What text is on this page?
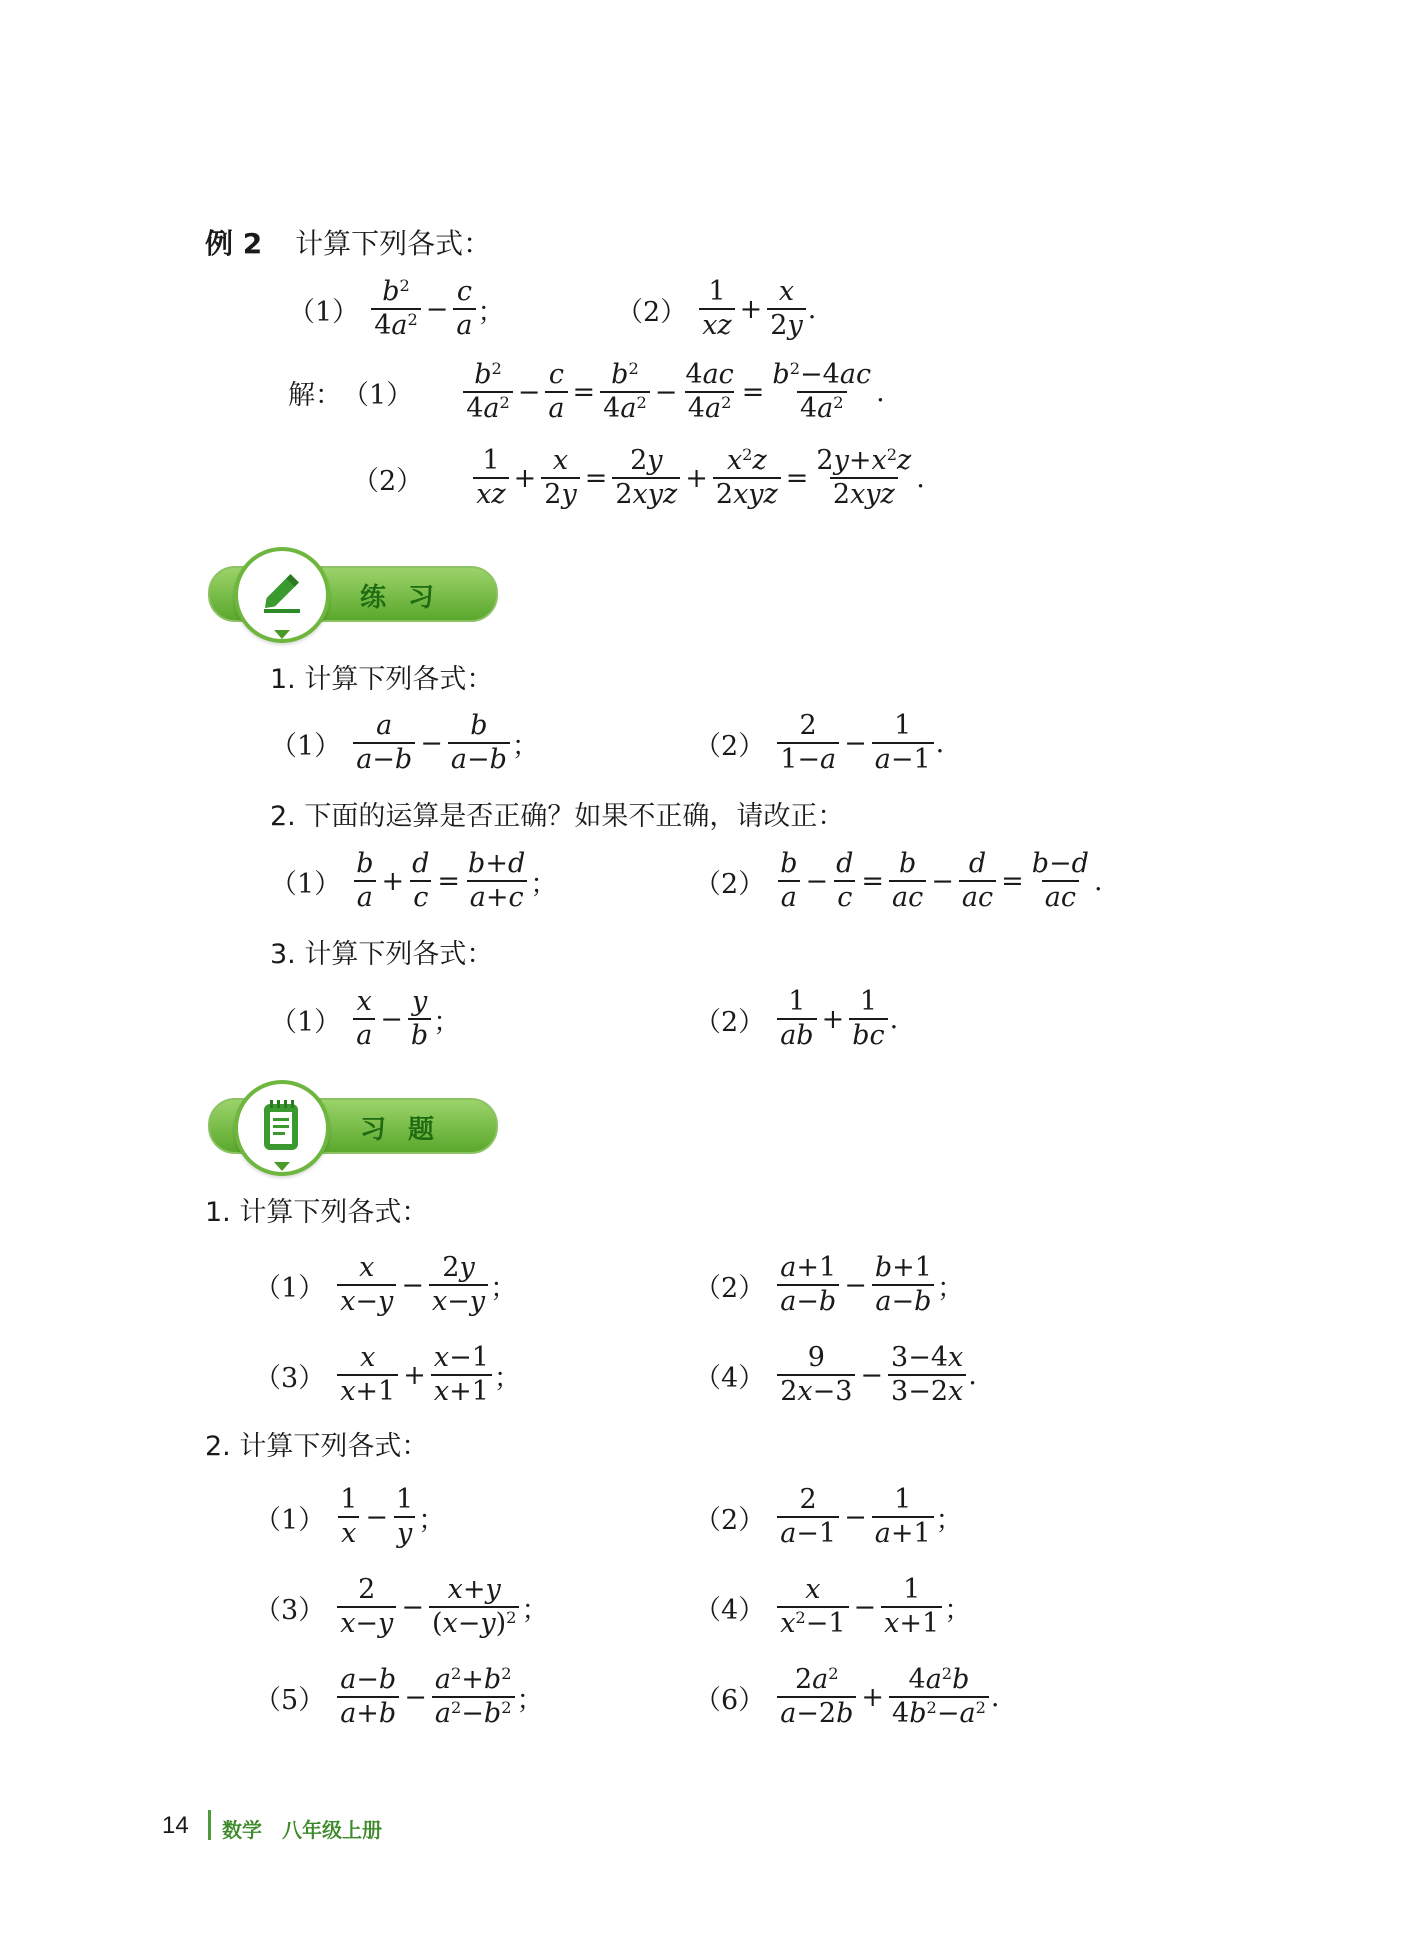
例 2 计算下列各式：
$(1) \frac{b^2}{4a^2} - \frac{c}{a}$ ；	$(2) \frac{1}{xz} + \frac{x}{2y}$ .
解： $(1) \frac{b^2}{4a^2} - \frac{c}{a} = \frac{b^2}{4a^2} - \frac{4ac}{4a^2} = \frac{b^2-4ac}{4a^2}$ .
$(2) \frac{1}{xz} + \frac{x}{2y} = \frac{2y}{\text{2xyz}} + \frac{x^2z}{\text{2xyz}} = \frac{2y+x^2z}{\text{2xyz}}$ .
练习
1. 计算下列各式：
$(1) \frac{a}{a-b} - \frac{b}{a-b}$ ；	$(2) \frac{2}{1-a} - \frac{1}{a-1}$ .
2. 下面的运算是否正确？如果不正确，请改正：
$(1) \frac{b}{a} + \frac{d}{c} = \frac{b+d}{a+c}$ ；	$(2) \frac{b}{a} - \frac{d}{c} = \frac{b}{ac} - \frac{d}{ac} = \frac{b-d}{ac}$ .
3. 计算下列各式：
$(1) \frac{x}{a} - \frac{y}{b}$ ；	$(2) \frac{1}{ab} + \frac{1}{bc}$ .
习题
1. 计算下列各式：
$(1) \frac{x}{x-y} - \frac{2y}{x-y}$ ；	$(2) \frac{a+1}{a-b} - \frac{b+1}{a-b}$ ；
$(3) \frac{x}{x+1} + \frac{x-1}{x+1}$ ；	$(4) \frac{9}{2x-3} - \frac{3-4x}{3-2x}$ .
2. 计算下列各式：
$(1) \frac{1}{x} - \frac{1}{y}$ ；	$(2) \frac{2}{a-1} - \frac{1}{a+1}$ ；
$(3) \frac{2}{x-y} - \frac{x+y}{(x-y)^2}$ ；	$(4) \frac{x}{x^2-1} - \frac{1}{x+1}$ ；
$(5) \frac{a-b}{a+b} - \frac{a^2+b^2}{a^2-b^2}$ ；	$(6) \frac{2a^2}{a-2b} + \frac{4a^2b}{4b^2-a^2}$ .
14 数学　八年级上册
